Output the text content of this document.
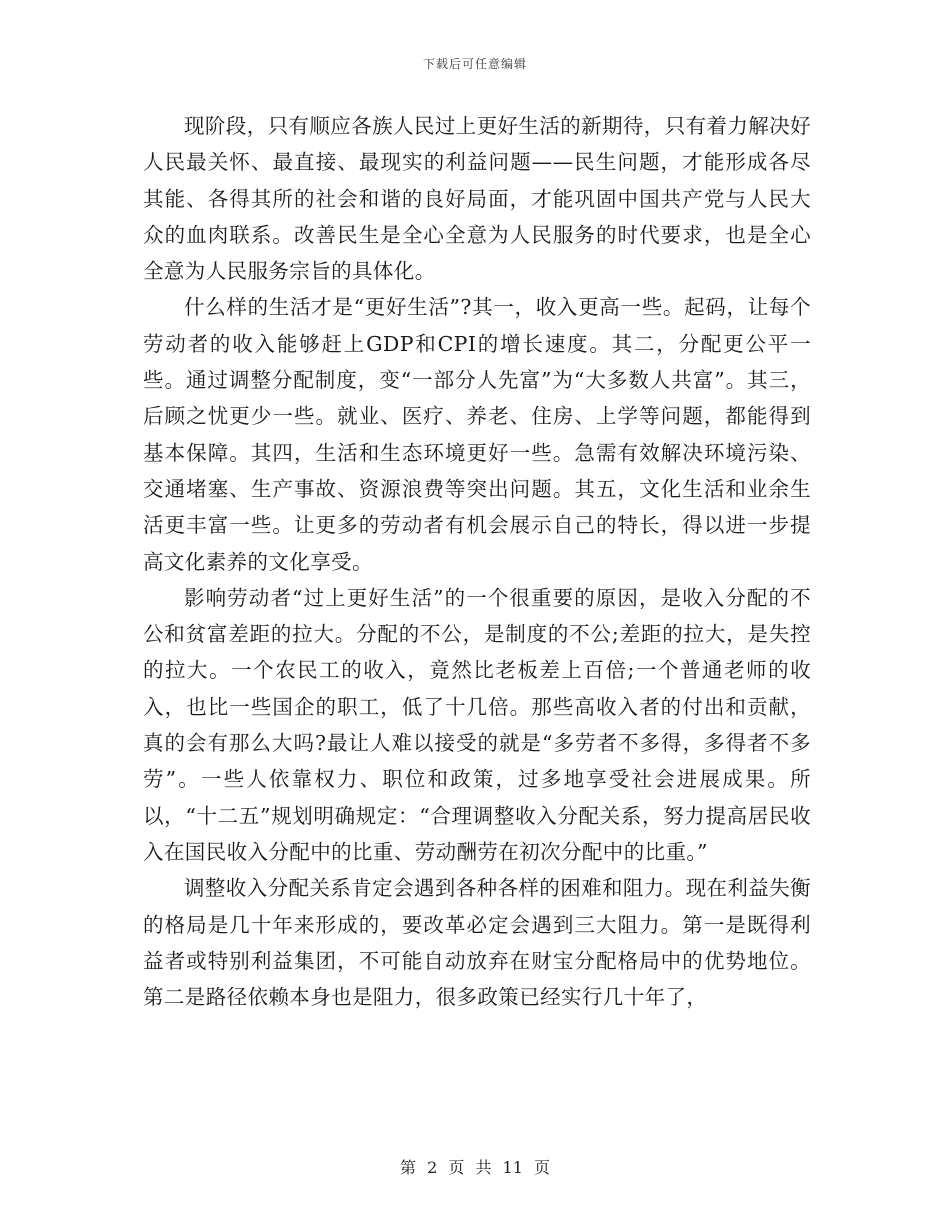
下载后可任意编辑

现阶段，只有顺应各族人民过上更好生活的新期待，只有着力解决好人民最关怀、最直接、最现实的利益问题——民生问题，才能形成各尽其能、各得其所的社会和谐的良好局面，才能巩固中国共产党与人民大众的血肉联系。改善民生是全心全意为人民服务的时代要求，也是全心全意为人民服务宗旨的具体化。

什么样的生活才是“更好生活”?其一，收入更高一些。起码，让每个劳动者的收入能够赶上GDP和CPI的增长速度。其二，分配更公平一些。通过调整分配制度，变“一部分人先富”为“大多数人共富”。其三，后顾之忧更少一些。就业、医疗、养老、住房、上学等问题，都能得到基本保障。其四，生活和生态环境更好一些。急需有效解决环境污染、交通堵塞、生产事故、资源浪费等突出问题。其五，文化生活和业余生活更丰富一些。让更多的劳动者有机会展示自己的特长，得以进一步提高文化素养的文化享受。

影响劳动者“过上更好生活”的一个很重要的原因，是收入分配的不公和贫富差距的拉大。分配的不公，是制度的不公;差距的拉大，是失控的拉大。一个农民工的收入，竟然比老板差上百倍;一个普通老师的收入，也比一些国企的职工，低了十几倍。那些高收入者的付出和贡献，真的会有那么大吗?最让人难以接受的就是“多劳者不多得，多得者不多劳”。一些人依靠权力、职位和政策，过多地享受社会进展成果。所以，“十二五”规划明确规定：“合理调整收入分配关系，努力提高居民收入在国民收入分配中的比重、劳动酬劳在初次分配中的比重。”

调整收入分配关系肯定会遇到各种各样的困难和阻力。现在利益失衡的格局是几十年来形成的，要改革必定会遇到三大阻力。第一是既得利益者或特别利益集团，不可能自动放弃在财宝分配格局中的优势地位。第二是路径依赖本身也是阻力，很多政策已经实行几十年了，

第 2 页 共 11 页
